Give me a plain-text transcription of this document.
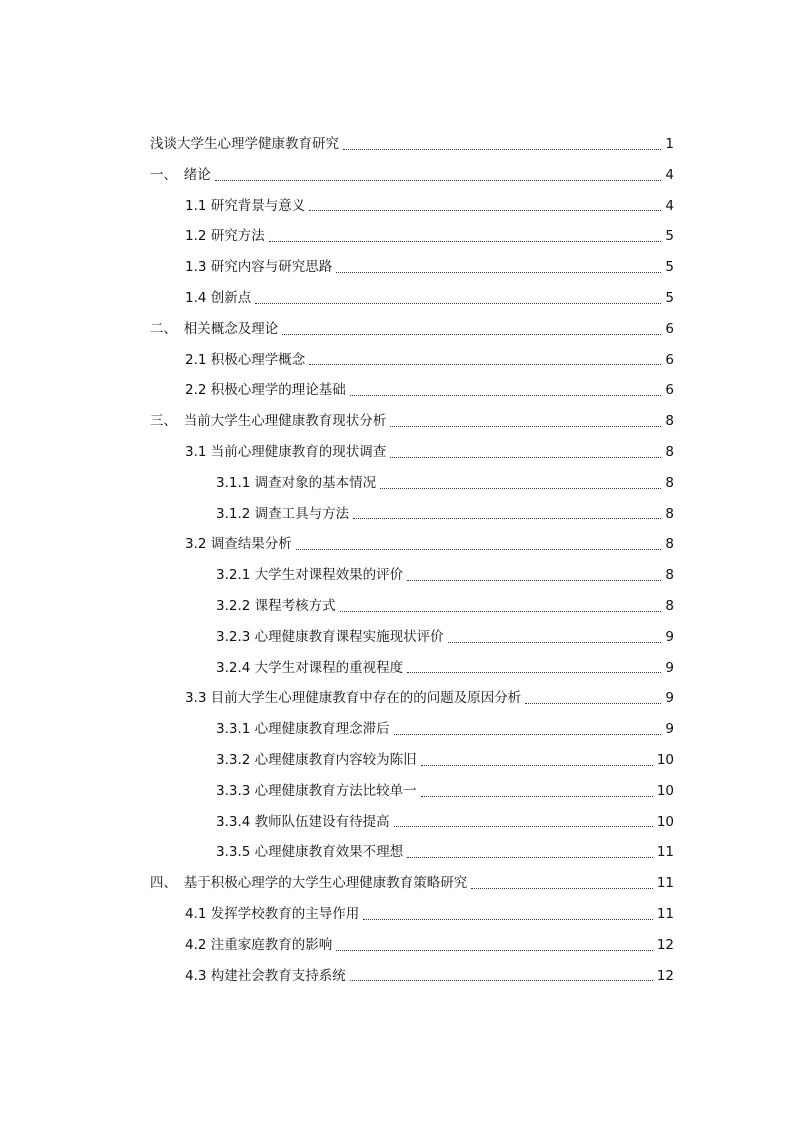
浅谈大学生心理学健康教育研究	1
一、　绪论	4
1.1 研究背景与意义	4
1.2 研究方法	5
1.3 研究内容与研究思路	5
1.4 创新点	5
二、　相关概念及理论	6
2.1 积极心理学概念	6
2.2 积极心理学的理论基础	6
三、　当前大学生心理健康教育现状分析	8
3.1 当前心理健康教育的现状调查	8
3.1.1 调查对象的基本情况	8
3.1.2 调查工具与方法	8
3.2 调查结果分析	8
3.2.1 大学生对课程效果的评价	8
3.2.2 课程考核方式	8
3.2.3 心理健康教育课程实施现状评价	9
3.2.4 大学生对课程的重视程度	9
3.3 目前大学生心理健康教育中存在的的问题及原因分析	9
3.3.1 心理健康教育理念滞后	9
3.3.2 心理健康教育内容较为陈旧	10
3.3.3 心理健康教育方法比较单一	10
3.3.4 教师队伍建设有待提高	10
3.3.5 心理健康教育效果不理想	11
四、　基于积极心理学的大学生心理健康教育策略研究	11
4.1 发挥学校教育的主导作用	11
4.2 注重家庭教育的影响	12
4.3 构建社会教育支持系统	12
